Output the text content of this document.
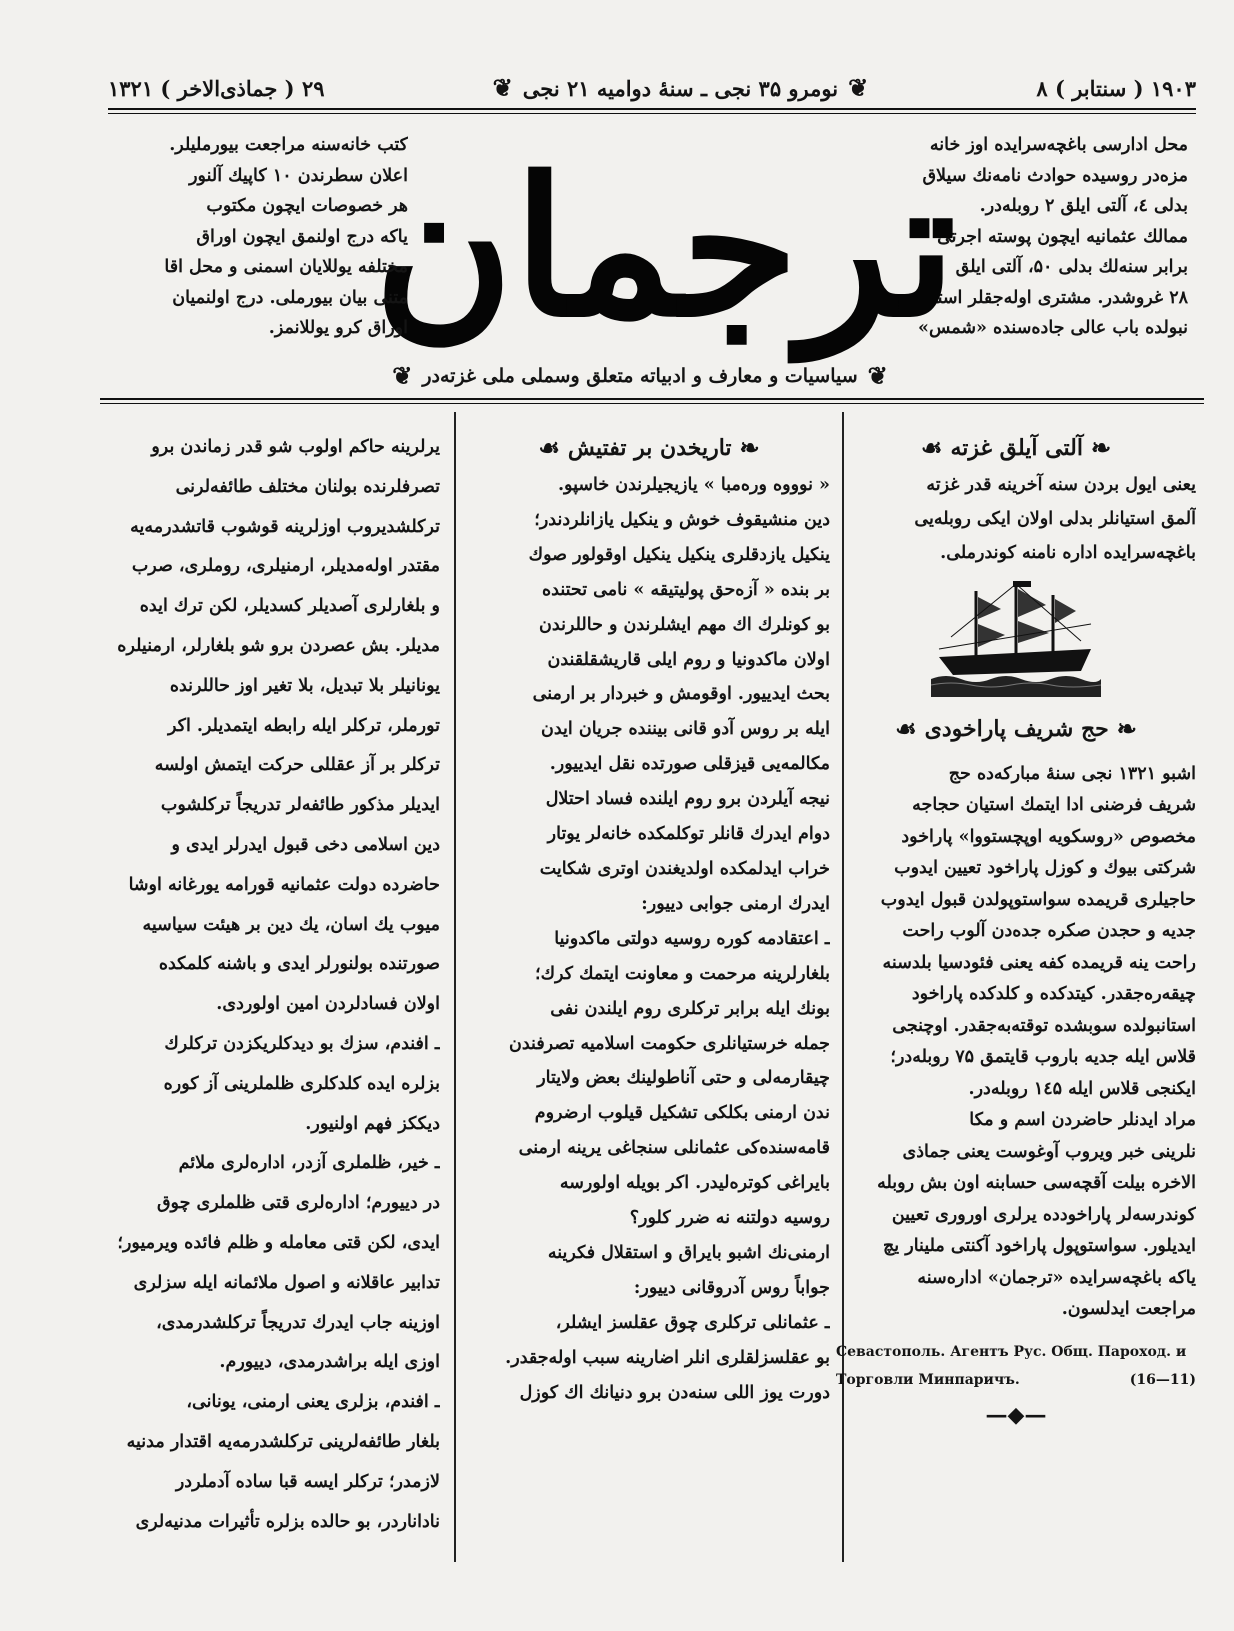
۱۹۰۳ ( سنتابر ) ۸
❦
نومرو ۳۵ نجی ـ سنهٔ دوامیه ۲۱ نجی
❦
۲۹ ( جماذی‌الاخر ) ۱۳۲۱
محل ادارسی باغچه‌سرایده اوز خانه
مزه‌در روسیده حوادث نامه‌نك سیلاق
بدلی ٤، آلتی ایلق ۲ روبله‌در.
ممالك عثمانیه ایچون پوسته اجرتی
برابر سنه‌لك بدلی ۵۰، آلتی ایلق
۲۸ غروشدر. مشتری اوله‌جقلر استا
نبولده باب عالی جاده‌سنده «شمس»
ترجمان
کتب خانه‌سنه مراجعت بیورملیلر.
اعلان سطرندن ۱۰ کاپیك آلنور
هر خصوصات ایچون مکتوب
یاکه درج اولنمق ایچون اوراق
مختلفه یوللایان اسمنی و محل اقا
متنی بیان بیورملی. درج اولنمیان
اوراق کرو یوللانمز.
❦
سیاسیات و معارف و ادبیاته متعلق وسملی ملی غزته‌در
❦
❧
آلتی آیلق غزته
☙
یعنی ایول بردن سنه آخرینه قدر غزته
آلمق استیانلر بدلی اولان ایکی روبله‌یی
باغچه‌سرایده اداره نامنه کوندرملی.
❧
حج شریف پاراخودی
☙
اشبو ۱۳۲۱ نجی سنهٔ مبارکه‌ده حج
شریف فرضنی ادا ایتمك استیان حجاجه
مخصوص «روسکویه اوپچستووا» پاراخود
شرکتی بیوك و کوزل پاراخود تعیین ایدوب
حاجیلری قریمده سواستوپولدن قبول ایدوب
جدیه و حجدن صکره جده‌دن آلوب راحت
راحت ینه قریمده کفه یعنی فئودسیا بلدسنه
چیقه‌ره‌جقدر. کیتدکده و کلدکده پاراخود
استانبولده سوبشده توقته‌به‌جقدر. اوچنجی
قلاس ایله جدیه باروب قایتمق ۷۵ روبله‌در؛
ایکنجی قلاس ایله ۱٤۵ روبله‌در.
مراد ایدنلر حاضردن اسم و مکا
نلرینی خبر ویروب آوغوست یعنی جماذی
الاخره بیلت آقچه‌سی حسابنه اون بش روبله
کوندرسه‌لر پاراخودده یرلری اوروری تعیین
ایدیلور. سواستوپول پاراخود آکنتی ملینار یچ
یاکه باغچه‌سرایده «ترجمان» اداره‌سنه
مراجعت ایدلسون.
Севастополь. Агентъ Рус. Общ. Пароход. и
Торговли Минпаричъ.	(16—11)
—◆—
❧
تاریخدن بر تفتیش
☙
« نوووه وره‌مبا » یازیجیلرندن خاسپو.
دین منشیقوف خوش و ینکیل یازانلردندر؛
ینکیل یازدقلری ینکیل ینکیل اوقولور صوك
بر بنده « آزه‌حق پولیتیقه » نامی تحتنده
بو کونلرك اك مهم ایشلرندن و حاللرندن
اولان ماکدونیا و روم ایلی قاریشقلقندن
بحث ایدییور. اوقومش و خبردار بر ارمنی
ایله بر روس آدو قانی بیننده جریان ایدن
مکالمه‌یی قیزقلی صورتده نقل ایدییور.
نیجه آیلردن برو روم ایلنده فساد احتلال
دوام ایدرك قانلر توکلمکده خانه‌لر یوتار
خراب ایدلمکده اولدیغندن اوتری شکایت
ایدرك ارمنی جوابی دییور:
ـ اعتقادمه کوره روسیه دولتی ماکدونیا
بلغارلرینه مرحمت و معاونت ایتمك کرك؛
بونك ایله برابر ترکلری روم ایلندن نفی
جمله خرستیانلری حکومت اسلامیه تصرفندن
چیقارمه‌لی و حتی آناطولینك بعض ولایتار
ندن ارمنی بکلکی تشکیل قیلوب ارضروم
قامه‌سنده‌کی عثمانلی سنجاغی یرینه ارمنی
بایراغی کوتره‌لیدر. اکر بویله اولورسه
روسیه دولتنه نه ضرر کلور؟
ارمنی‌نك اشبو بایراق و استقلال فکرینه
جواباً روس آدروقانی دییور:
ـ عثمانلی ترکلری چوق عقلسز ایشلر،
بو عقلسزلقلری انلر اضارینه سبب اوله‌جقدر.
دورت یوز اللی سنه‌دن برو دنیانك اك کوزل
یرلرینه حاکم اولوب شو قدر زماندن برو
تصرفلرنده بولنان مختلف طائفه‌لرنی
ترکلشدیروب اوزلرینه قوشوب قاتشدرمه‌یه
مقتدر اوله‌مدیلر، ارمنیلری، روملری، صرب
و بلغارلری آصدیلر کسدیلر، لکن ترك ایده
مدیلر. بش عصردن برو شو بلغارلر، ارمنیلره
یونانیلر بلا تبدیل، بلا تغیر اوز حاللرنده
تورملر، ترکلر ایله رابطه ایتمدیلر. اکر
ترکلر بر آز عقللی حرکت ایتمش اولسه
ایدیلر مذکور طائفه‌لر تدریجاً ترکلشوب
دین اسلامی دخی قبول ایدرلر ایدی و
حاضرده دولت عثمانیه قورامه یورغانه اوشا
میوب یك اسان، یك دین بر هیئت سیاسیه
صورتنده بولنورلر ایدی و باشنه کلمکده
اولان فسادلردن امین اولوردی.
ـ افندم، سزك بو دیدکلریکزدن ترکلرك
بزلره ایده کلدکلری ظلملرینی آز کوره
دیککز فهم اولنیور.
ـ خیر، ظلملری آزدر، اداره‌لری ملائم
در دییورم؛ اداره‌لری قتی ظلملری چوق
ایدی، لکن قتی معامله و ظلم فائده ویرمیور؛
تدابیر عاقلانه و اصول ملائمانه ایله سزلری
اوزینه جاب ایدرك تدریجاً ترکلشدرمدی،
اوزی ایله براشدرمدی، دییورم.
ـ افندم، بزلری یعنی ارمنی، یونانی،
بلغار طائفه‌لرینی ترکلشدرمه‌یه اقتدار مدنیه
لازمدر؛ ترکلر ایسه قبا ساده آدملردر
ناداناردر، بو حالده بزلره تأثیرات مدنیه‌لری
